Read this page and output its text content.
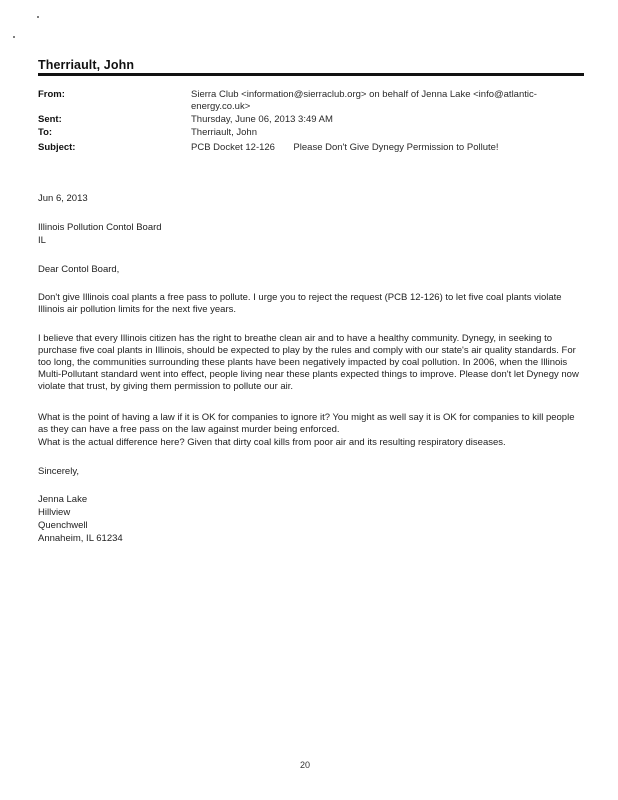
Therriault, John
From:	Sierra Club <information@sierraclub.org> on behalf of Jenna Lake <info@atlantic-energy.co.uk>
Sent:	Thursday, June 06, 2013 3:49 AM
To:	Therriault, John
Subject:	PCB Docket 12-126       Please Don't Give Dynegy Permission to Pollute!
Jun 6, 2013
Illinois Pollution Contol Board
IL
Dear Contol Board,

Don't give Illinois coal plants a free pass to pollute. I urge you to reject the request (PCB 12-126) to let five coal plants violate Illinois air pollution limits for the next five years.

I believe that every Illinois citizen has the right to breathe clean air and to have a healthy community. Dynegy, in seeking to purchase five coal plants in Illinois, should be expected to play by the rules and comply with our state's air quality standards. For too long, the communities surrounding these plants have been negatively impacted by coal pollution. In 2006, when the Illinois Multi-Pollutant standard went into effect, people living near these plants expected things to improve. Please don't let Dynegy now violate that trust, by giving them permission to pollute our air.

What is the point of having a law if it is OK for companies to ignore it? You might as well say it is OK for companies to kill people as they can have a free pass on the law against murder being enforced.

What is the actual difference here? Given that dirty coal kills from poor air and its resulting respiratory diseases.

Sincerely,
Jenna Lake
Hillview
Quenchwell
Annaheim, IL 61234
20
